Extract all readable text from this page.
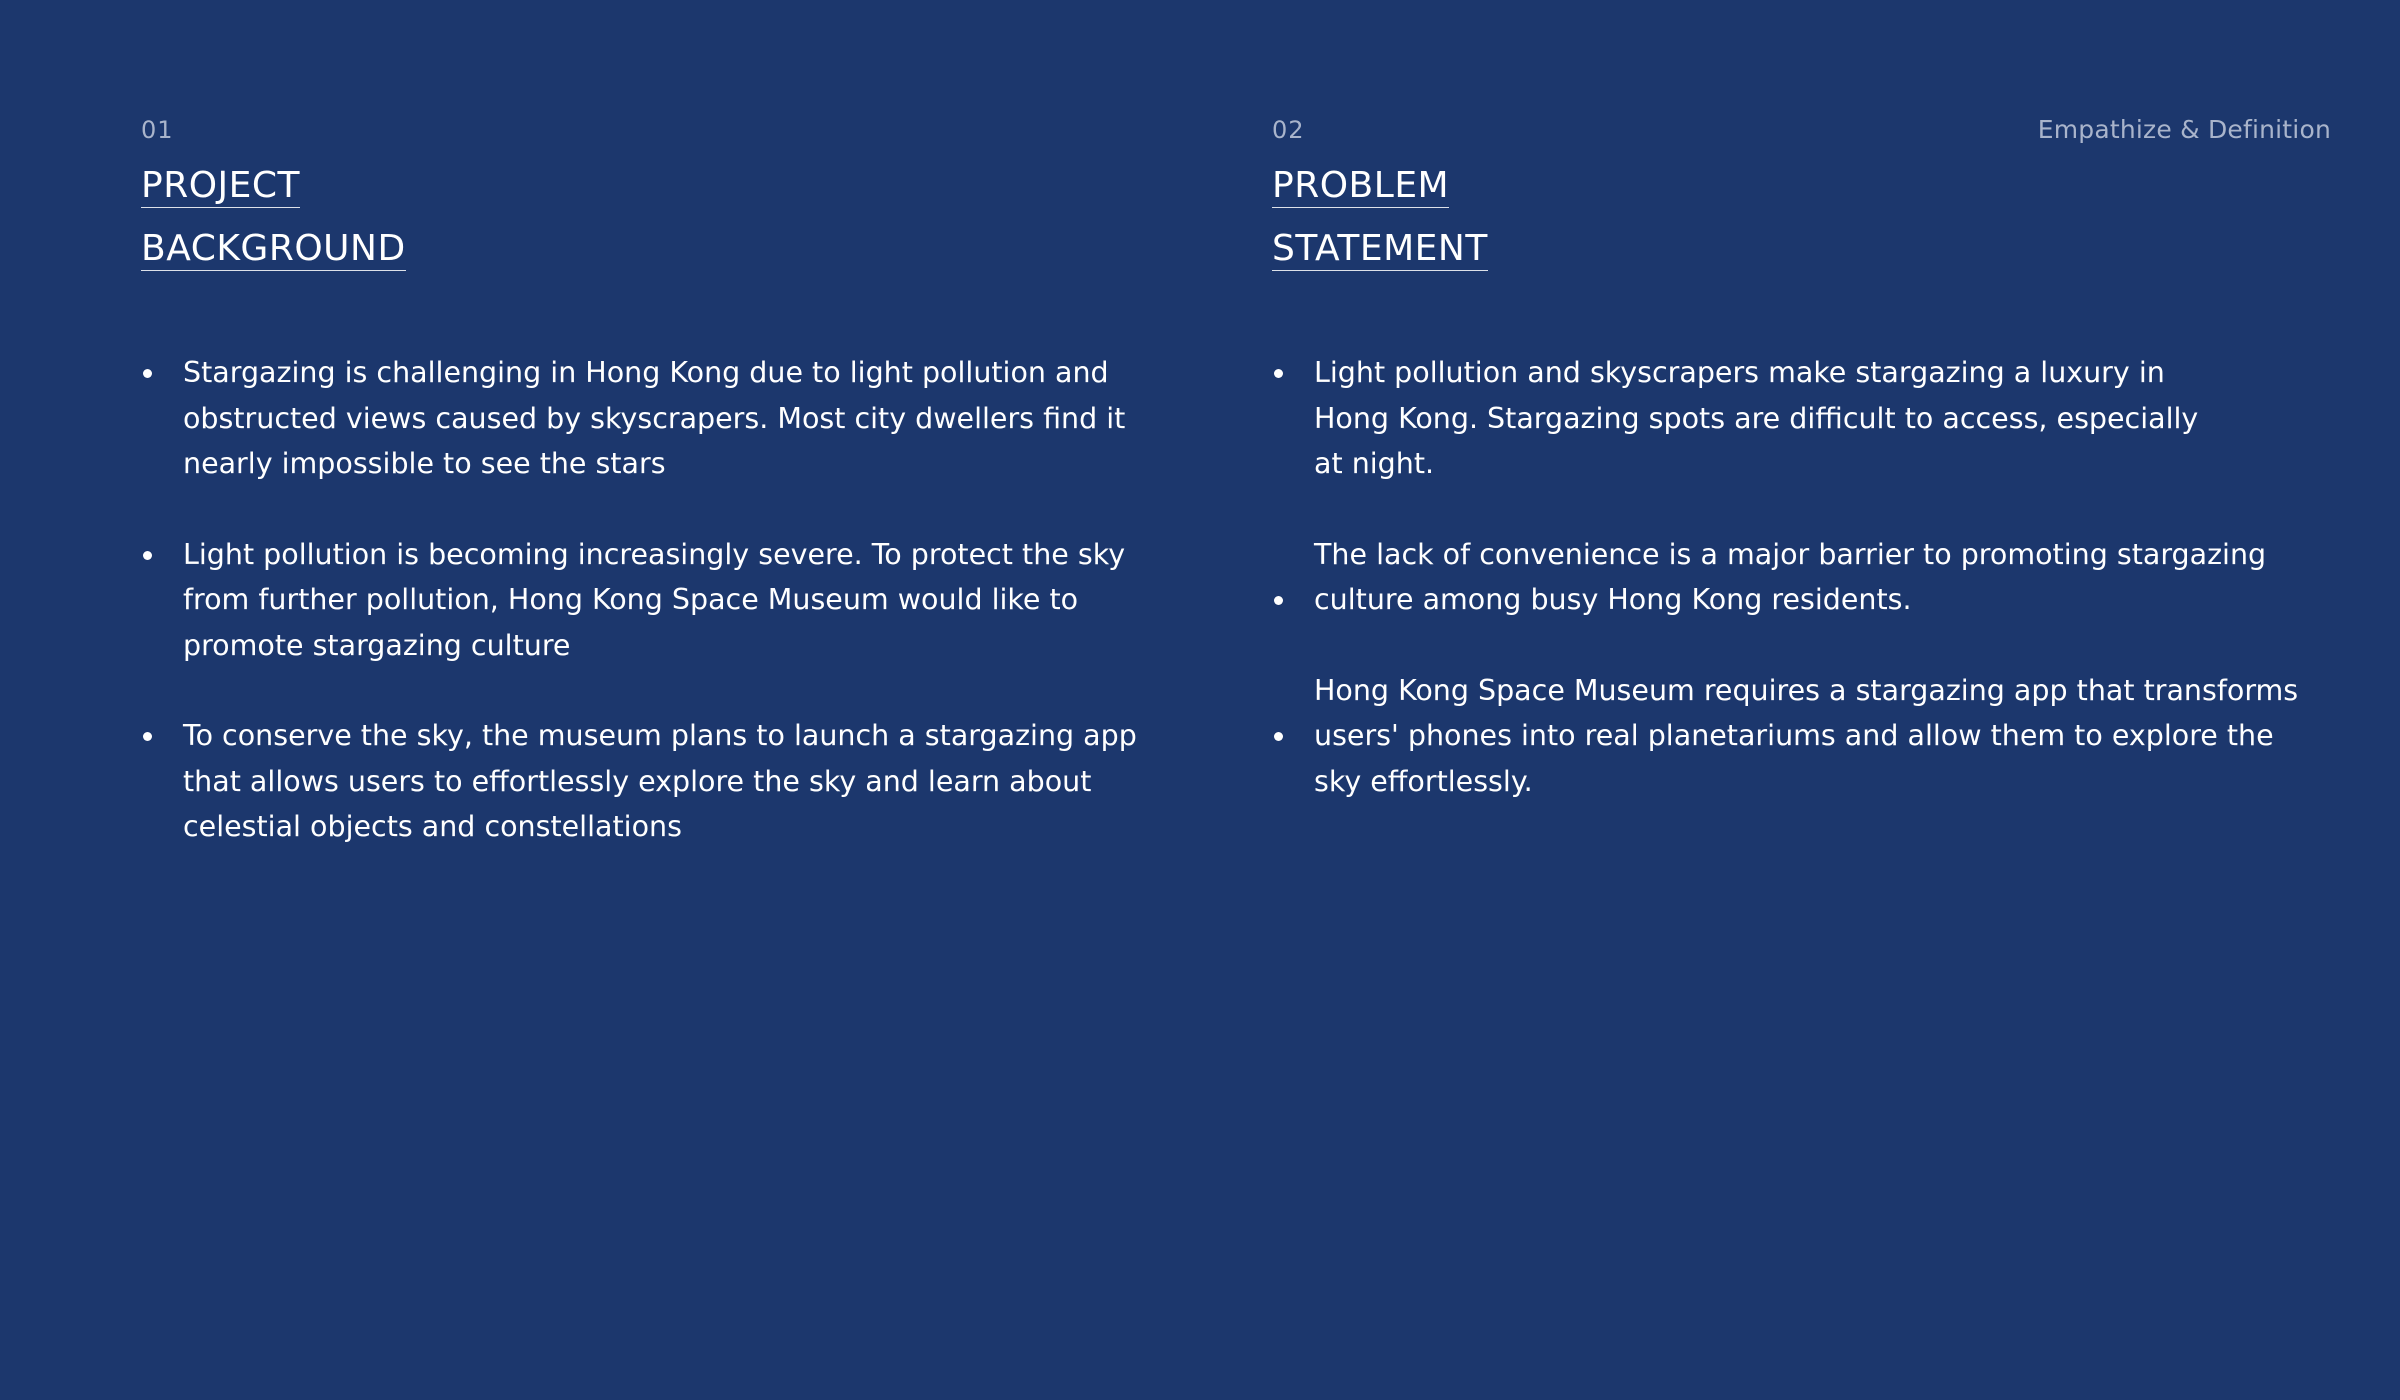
Empathize & Definition

01

PROJECT
BACKGROUND
Stargazing is challenging in Hong Kong due to light pollution and obstructed views caused by skyscrapers. Most city dwellers find it nearly impossible to see the stars
Light pollution is becoming increasingly severe. To protect the sky from further pollution, Hong Kong Space Museum would like to promote stargazing culture
To conserve the sky, the museum plans to launch a stargazing app that allows users to effortlessly explore the sky and learn about celestial objects and constellations

02

PROBLEM
STATEMENT
Light pollution and skyscrapers make stargazing a luxury in Hong Kong. Stargazing spots are difficult to access, especially at night.
The lack of convenience is a major barrier to promoting stargazing culture among busy Hong Kong residents.
Hong Kong Space Museum requires a stargazing app that transforms users' phones into real planetariums and allow them to explore the sky effortlessly.
